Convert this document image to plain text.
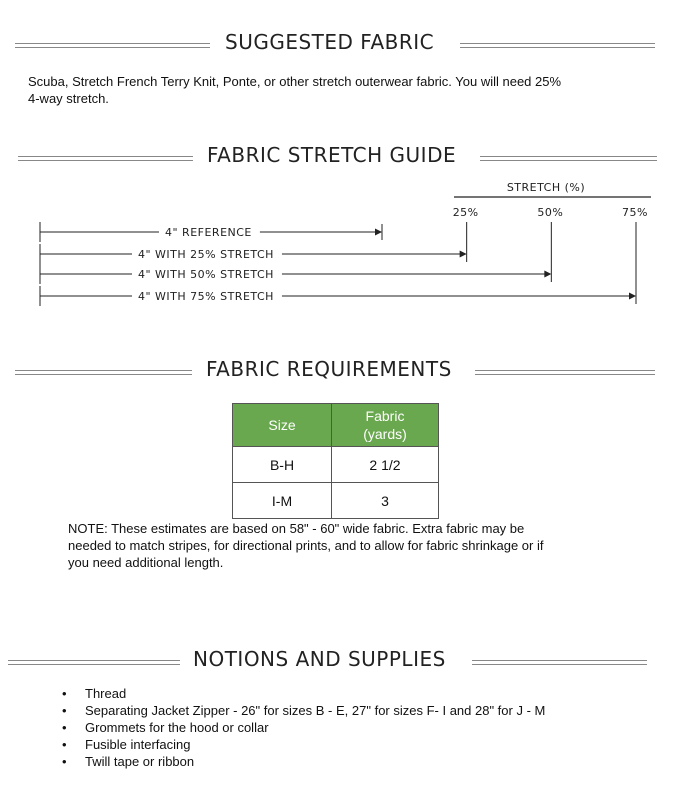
SUGGESTED FABRIC
Scuba, Stretch French Terry Knit, Ponte, or other stretch outerwear fabric. You will need 25%
4-way stretch.
FABRIC STRETCH GUIDE
STRETCH (%)
25%	50%	75%
4" REFERENCE
4" WITH 25% STRETCH
4" WITH 50% STRETCH
4" WITH 75% STRETCH
FABRIC REQUIREMENTS
Size	Fabric
(yards)

B-H	2 1/2
I-M	3
NOTE: These estimates are based on 58" - 60" wide fabric. Extra fabric may be
needed to match stripes, for directional prints, and to allow for fabric shrinkage or if
you need additional length.
NOTIONS AND SUPPLIES
• Thread
• Separating Jacket Zipper - 26" for sizes B - E, 27" for sizes F- I and 28" for J - M
• Grommets for the hood or collar
• Fusible interfacing
• Twill tape or ribbon
